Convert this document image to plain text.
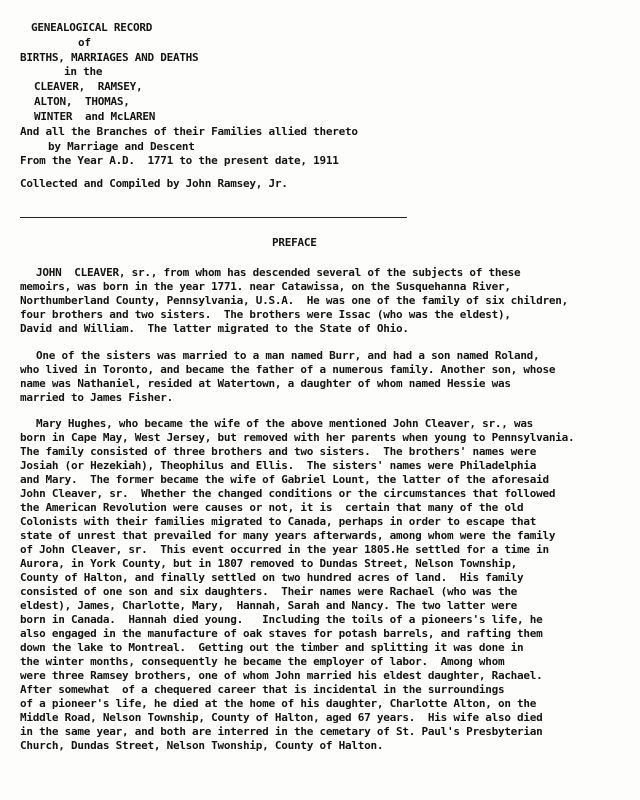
GENEALOGICAL RECORD
of
BIRTHS, MARRIAGES AND DEATHS
in the
CLEAVER,  RAMSEY,
ALTON,  THOMAS,
WINTER  and McLAREN
And all the Branches of their Families allied thereto
by Marriage and Descent
From the Year A.D.  1771 to the present date, 1911
Collected and Compiled by John Ramsey, Jr.
PREFACE
JOHN  CLEAVER, sr., from whom has descended several of the subjects of these
memoirs, was born in the year 1771. near Catawissa, on the Susquehanna River,
Northumberland County, Pennsylvania, U.S.A.  He was one of the family of six children,
four brothers and two sisters.  The brothers were Issac (who was the eldest),
David and William.  The latter migrated to the State of Ohio.
One of the sisters was married to a man named Burr, and had a son named Roland,
who lived in Toronto, and became the father of a numerous family. Another son, whose
name was Nathaniel, resided at Watertown, a daughter of whom named Hessie was
married to James Fisher.
Mary Hughes, who became the wife of the above mentioned John Cleaver, sr., was
born in Cape May, West Jersey, but removed with her parents when young to Pennsylvania.
The family consisted of three brothers and two sisters.  The brothers' names were
Josiah (or Hezekiah), Theophilus and Ellis.  The sisters' names were Philadelphia
and Mary.  The former became the wife of Gabriel Lount, the latter of the aforesaid
John Cleaver, sr.  Whether the changed conditions or the circumstances that followed
the American Revolution were causes or not, it is  certain that many of the old
Colonists with their families migrated to Canada, perhaps in order to escape that
state of unrest that prevailed for many years afterwards, among whom were the family
of John Cleaver, sr.  This event occurred in the year 1805.He settled for a time in
Aurora, in York County, but in 1807 removed to Dundas Street, Nelson Township,
County of Halton, and finally settled on two hundred acres of land.  His family
consisted of one son and six daughters.  Their names were Rachael (who was the
eldest), James, Charlotte, Mary,  Hannah, Sarah and Nancy. The two latter were
born in Canada.  Hannah died young.   Including the toils of a pioneers's life, he
also engaged in the manufacture of oak staves for potash barrels, and rafting them
down the lake to Montreal.  Getting out the timber and splitting it was done in
the winter months, consequently he became the employer of labor.  Among whom
were three Ramsey brothers, one of whom John married his eldest daughter, Rachael.
After somewhat  of a chequered career that is incidental in the surroundings
of a pioneer's life, he died at the home of his daughter, Charlotte Alton, on the
Middle Road, Nelson Township, County of Halton, aged 67 years.  His wife also died
in the same year, and both are interred in the cemetary of St. Paul's Presbyterian
Church, Dundas Street, Nelson Twonship, County of Halton.
